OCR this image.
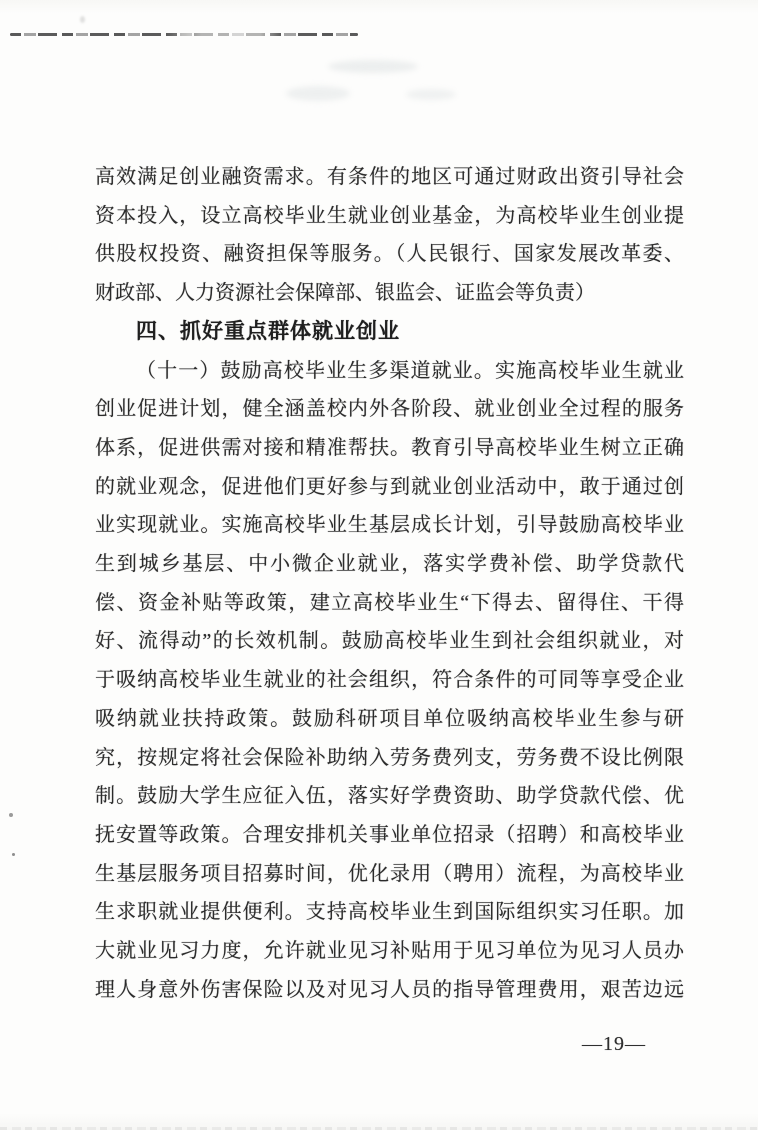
高效满足创业融资需求。有条件的地区可通过财政出资引导社会
资本投入，设立高校毕业生就业创业基金，为高校毕业生创业提
供股权投资、融资担保等服务。（人民银行、国家发展改革委、
财政部、人力资源社会保障部、银监会、证监会等负责）
四、抓好重点群体就业创业
（十一）鼓励高校毕业生多渠道就业。实施高校毕业生就业
创业促进计划，健全涵盖校内外各阶段、就业创业全过程的服务
体系，促进供需对接和精准帮扶。教育引导高校毕业生树立正确
的就业观念，促进他们更好参与到就业创业活动中，敢于通过创
业实现就业。实施高校毕业生基层成长计划，引导鼓励高校毕业
生到城乡基层、中小微企业就业，落实学费补偿、助学贷款代
偿、资金补贴等政策，建立高校毕业生“下得去、留得住、干得
好、流得动”的长效机制。鼓励高校毕业生到社会组织就业，对
于吸纳高校毕业生就业的社会组织，符合条件的可同等享受企业
吸纳就业扶持政策。鼓励科研项目单位吸纳高校毕业生参与研
究，按规定将社会保险补助纳入劳务费列支，劳务费不设比例限
制。鼓励大学生应征入伍，落实好学费资助、助学贷款代偿、优
抚安置等政策。合理安排机关事业单位招录（招聘）和高校毕业
生基层服务项目招募时间，优化录用（聘用）流程，为高校毕业
生求职就业提供便利。支持高校毕业生到国际组织实习任职。加
大就业见习力度，允许就业见习补贴用于见习单位为见习人员办
理人身意外伤害保险以及对见习人员的指导管理费用，艰苦边远
—19—
